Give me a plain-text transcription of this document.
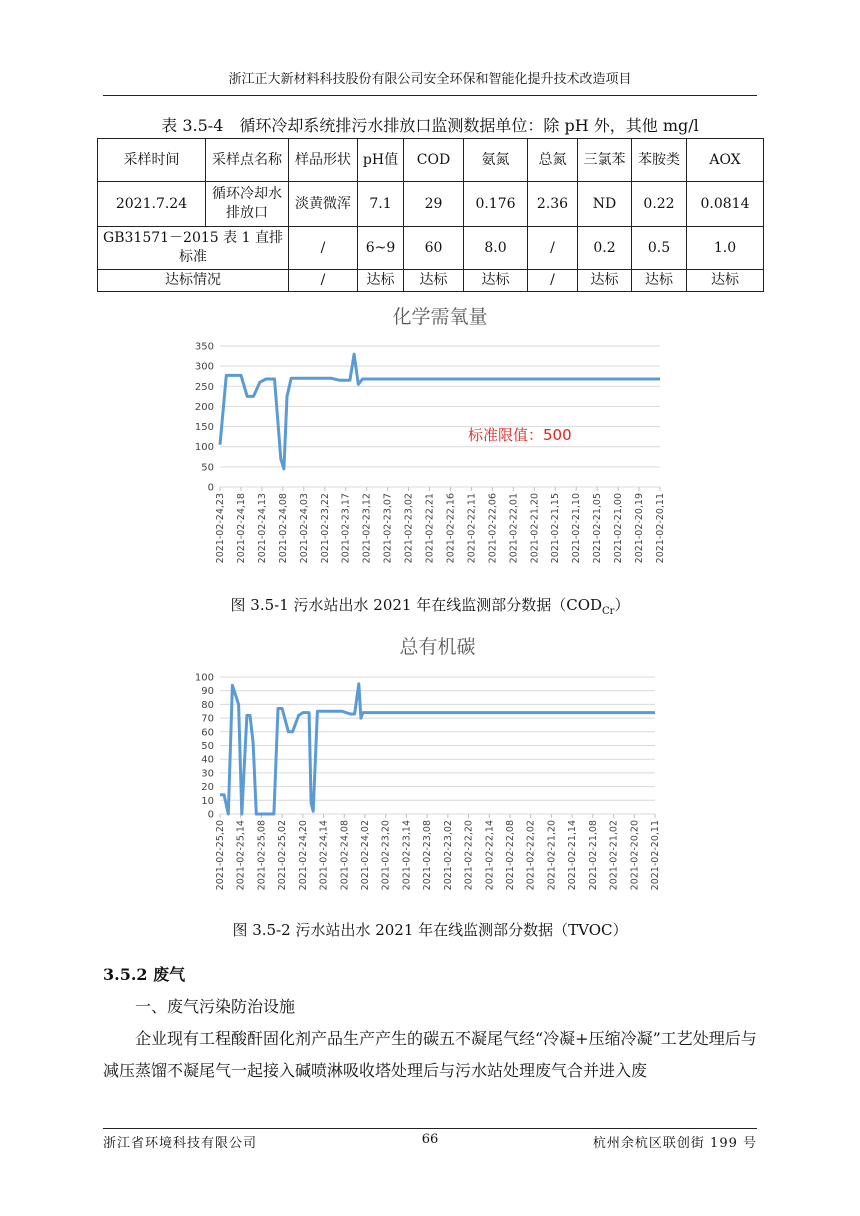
浙江正大新材料科技股份有限公司安全环保和智能化提升技术改造项目
表 3.5-4　循环冷却系统排污水排放口监测数据单位：除 pH 外，其他 mg/l
采样时间	采样点名称	样品形状	pH值	COD	氨氮	总氮	三氯苯	苯胺类	AOX
2021.7.24	循环冷却水排放口	淡黄微浑	7.1	29	0.176	2.36	ND	0.22	0.0814
GB31571－2015 表 1 直排标准		/	6~9	60	8.0	/	0.2	0.5	1.0
达标情况		/	达标	达标	达标	/	达标	达标	达标
化学需氧量
0
50
100
150
200
250
300
350
2021-02-24,23 2021-02-24,18 2021-02-24,13 2021-02-24,08 2021-02-24,03 2021-02-23,22 2021-02-23,17 2021-02-23,12 2021-02-23,07 2021-02-23,02 2021-02-22,21 2021-02-22,16 2021-02-22,11 2021-02-22,06 2021-02-22,01 2021-02-21,20 2021-02-21,15 2021-02-21,10 2021-02-21,05 2021-02-21,00 2021-02-20,19 2021-02-20,11
标准限值：500
图 3.5-1 污水站出水 2021 年在线监测部分数据$(COD_{Cr})$
总有机碳
0
10
20
30
40
50
60
70
80
90
100
2021-02-25,20 2021-02-25,14 2021-02-25,08 2021-02-25,02 2021-02-24,20 2021-02-24,14 2021-02-24,08 2021-02-24,02 2021-02-23,20 2021-02-23,14 2021-02-23,08 2021-02-23,02 2021-02-22,20 2021-02-22,14 2021-02-22,08 2021-02-22,02 2021-02-21,20 2021-02-21,14 2021-02-21,08 2021-02-21,02 2021-02-20,20 2021-02-20,11
图 3.5-2 污水站出水 2021 年在线监测部分数据（TVOC）
3.5.2 废气
一、废气污染防治设施
企业现有工程酸酐固化剂产品生产产生的碳五不凝尾气经“冷凝+压缩冷凝”工艺处理后与减压蒸馏不凝尾气一起接入碱喷淋吸收塔处理后与污水站处理废气合并进入废
浙江省环境科技有限公司	66	杭州余杭区联创街 199 号
